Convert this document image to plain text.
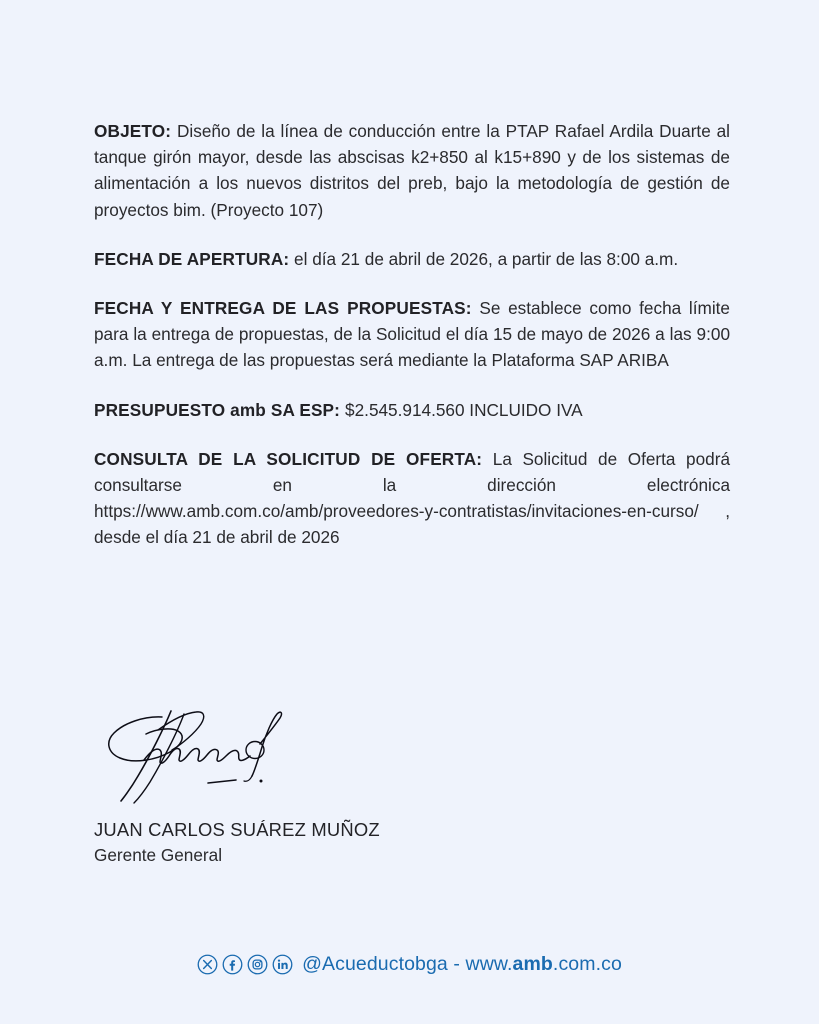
OBJETO: Diseño de la línea de conducción entre la PTAP Rafael Ardila Duarte al tanque girón mayor, desde las abscisas k2+850 al k15+890 y de los sistemas de alimentación a los nuevos distritos del preb, bajo la metodología de gestión de proyectos bim. (Proyecto 107)

FECHA DE APERTURA: el día 21 de abril de 2026, a partir de las 8:00 a.m.

FECHA Y ENTREGA DE LAS PROPUESTAS: Se establece como fecha límite para la entrega de propuestas, de la Solicitud el día 15 de mayo de 2026 a las 9:00 a.m. La entrega de las propuestas será mediante la Plataforma SAP ARIBA

PRESUPUESTO amb SA ESP: $2.545.914.560 INCLUIDO IVA

CONSULTA DE LA SOLICITUD DE OFERTA: La Solicitud de Oferta podrá consultarse en la dirección electrónica https://www.amb.com.co/amb/proveedores-y-contratistas/invitaciones-en-curso/ , desde el día 21 de abril de 2026

JUAN CARLOS SUÁREZ MUÑOZ
Gerente General
@Acueductobga - www.amb.com.co
